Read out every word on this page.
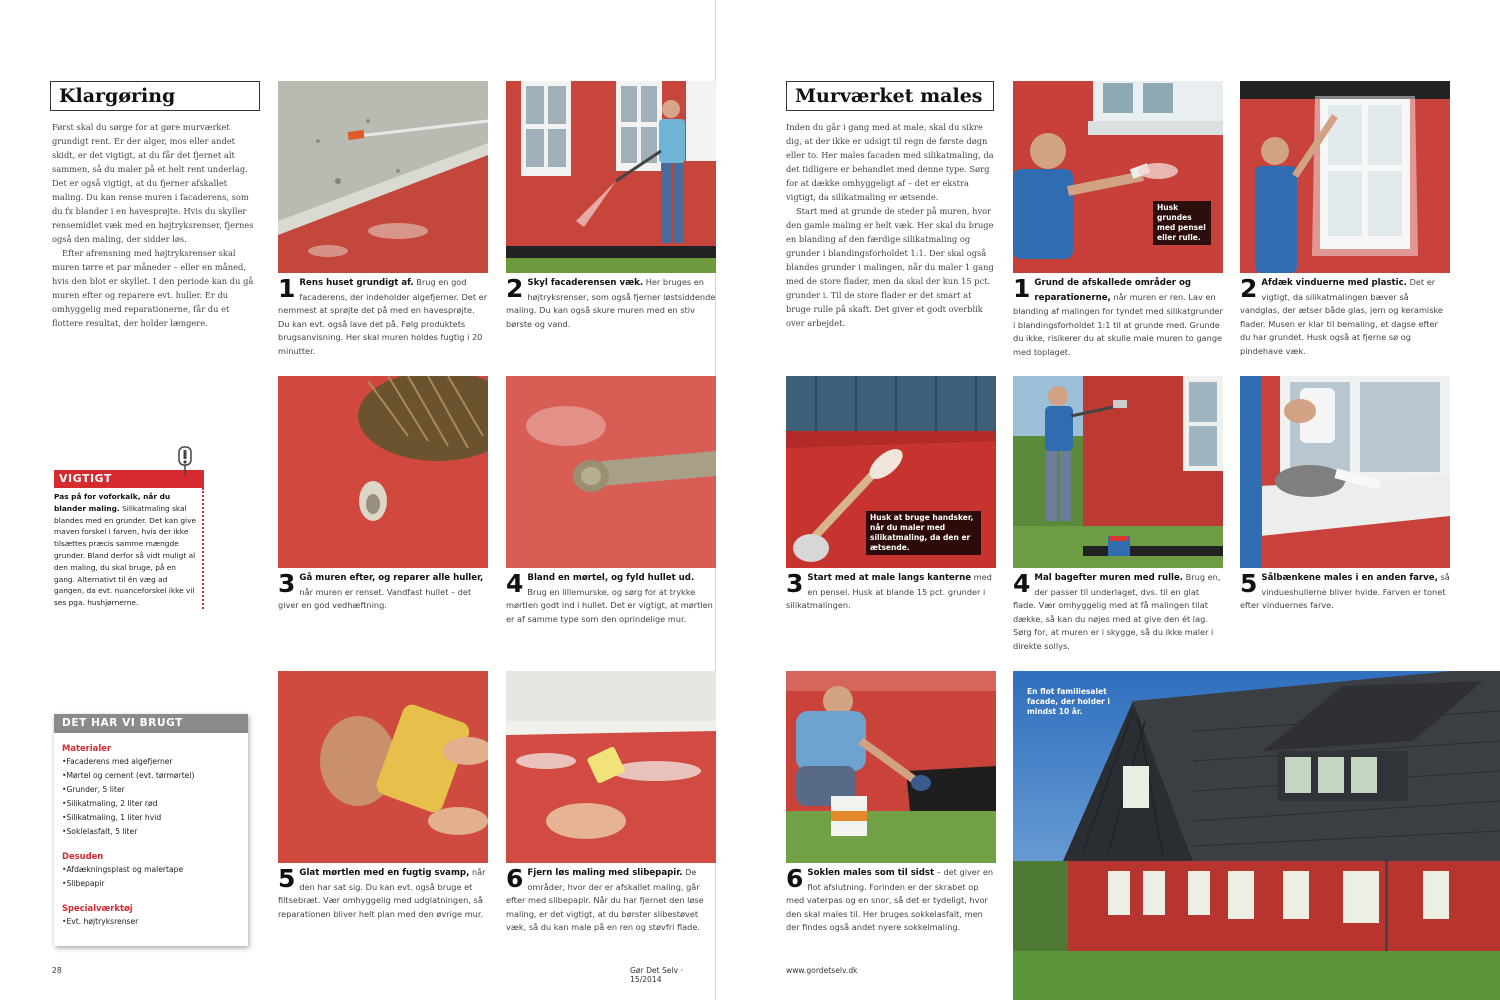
Klargøring

Først skal du sørge for at gøre murværket grundigt rent. Er der alger, mos eller andet skidt, er det vigtigt, at du får det fjernet alt sammen, så du maler på et helt rent underlag. Det er også vigtigt, at du fjerner afskallet maling. Du kan rense muren i facaderens, som du fx blander i en havesprøjte. Hvis du skyller rensemidlet væk med en højtryksrenser, fjernes også den maling, der sidder løs.

Efter afrensning med højtryksrenser skal muren tørre et par måneder – eller en måned, hvis den blot er skyllet. I den periode kan du gå muren efter og reparere evt. huller. Er du omhyggelig med reparationerne, får du et flottere resultat, der holder længere.

1 Rens huset grundigt af. Brug en god facaderens, der indeholder algefjerner. Det er nemmest at sprøjte det på med en havesprøjte. Du kan evt. også lave det på. Følg produktets brugsanvisning. Her skal muren holdes fugtig i 20 minutter.
2 Skyl facaderensen væk. Her bruges en højtryksrenser, som også fjerner løstsiddende maling. Du kan også skure muren med en stiv børste og vand.
3 Gå muren efter, og reparer alle huller, når muren er renset. Vandfast hullet – det giver en god vedhæftning.
4 Bland en mørtel, og fyld hullet ud. Brug en lillemurske, og sørg for at trykke mørtlen godt ind i hullet. Det er vigtigt, at mørtlen er af samme type som den oprindelige mur.
5 Glat mørtlen med en fugtig svamp, når den har sat sig. Du kan evt. også bruge et filtsebræt. Vær omhyggelig med udglatningen, så reparationen bliver helt plan med den øvrige mur.
6 Fjern løs maling med slibepapir. De områder, hvor der er afskallet maling, går efter med slibepapir. Når du har fjernet den løse maling, er det vigtigt, at du børster slibestøvet væk, så du kan male på en ren og støvfri flade.
VIGTIGT
Pas på for voforkalk, når du blander maling. Silikatmaling skal blandes med en grunder. Det kan give maven forskel i farven, hvis der ikke tilsættes præcis samme mængde grunder. Bland derfor så vidt muligt al den maling, du skal bruge, på en gang. Alternativt til én væg ad gangen, da evt. nuanceforskel ikke vil ses pga. hushjørnerne.
DET HAR VI BRUGT
Materialer
• Facaderens med algefjerner
• Mørtel og cement (evt. tørmørtel)
• Grunder, 5 liter
• Silikatmaling, 2 liter rød
• Silikatmaling, 1 liter hvid
• Soklelasfalt, 5 liter
Desuden
• Afdækningsplast og malertape
• Slibepapir
Specialværktøj
• Evt. højtryksrenser
28	Gør Det Selv · 15/2014
Murværket males

Inden du går i gang med at male, skal du sikre dig, at der ikke er udsigt til regn de første døgn eller to. Her males facaden med silikatmaling, da det tidligere er behandlet med denne type. Sørg for at dække omhyggeligt af – det er ekstra vigtigt, da silikatmaling er ætsende.

Start med at grunde de steder på muren, hvor den gamle maling er helt væk. Her skal du bruge en blanding af den færdige silikatmaling og grunder i blandingsforholdet 1:1. Der skal også blandes grunder i malingen, når du maler 1 gang med de store flader, men da skal der kun 15 pct. grunder i. Til de store flader er det smart at bruge rulle på skaft. Det giver et godt overblik over arbejdet.

Husk grundes med pensel eller rulle.
1 Grund de afskallede områder og reparationerne, når muren er ren. Lav en blanding af malingen for tyndet med silikatgrunder i blandingsforholdet 1:1 til at grunde med. Grunde du ikke, risikerer du at skulle male muren to gange med toplaget.
2 Afdæk vinduerne med plastic. Det er vigtigt, da silikatmalingen bæver så vandglas, der ætser både glas, jern og keramiske flader. Musen er klar til bemaling, et dagse efter du har grundet. Husk også at fjerne sø og pindehave væk.
Husk at bruge handsker, når du maler med silikatmaling, da den er ætsende.
3 Start med at male langs kanterne med en pensel. Husk at blande 15 pct. grunder i silikatmalingen.
4 Mal bagefter muren med rulle. Brug en, der passer til underlaget, dvs. til en glat flade. Vær omhyggelig med at få malingen tilat dække, så kan du nøjes med at give den ét lag. Sørg for, at muren er i skygge, så du ikke maler i direkte sollys.
5 Sålbænkene males i en anden farve, så vindueshullerne bliver hvide. Farven er tonet efter vinduernes farve.
6 Soklen males som til sidst – det giver en flot afslutning. Forinden er der skrabet op med vaterpas og en snor, så det er tydeligt, hvor den skal males til. Her bruges sokkelasfalt, men der findes også andet nyere sokkelmaling.
En flot familiesalet facade, der holder i mindst 10 år.
www.gordetselv.dk
